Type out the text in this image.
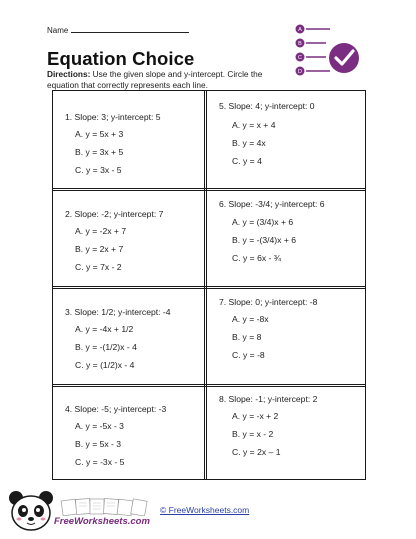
Name
Equation Choice
Directions: Use the given slope and y-intercept. Circle the equation that correctly represents each line.
A
B
C
D
1. Slope: 3; y-intercept: 5
A. y = 5x + 3
B. y = 3x + 5
C. y = 3x - 5
5. Slope: 4; y-intercept: 0
A. y = x + 4
B. y = 4x
C. y = 4
2. Slope: -2; y-intercept: 7
A. y = -2x + 7
B. y = 2x + 7
C. y = 7x - 2
6. Slope: -3/4; y-intercept: 6
A. y = (3/4)x + 6
B. y = -(3/4)x + 6
C. y = 6x - ¾
3. Slope: 1/2; y-intercept: -4
A. y = -4x + 1/2
B. y = -(1/2)x - 4
C. y = (1/2)x - 4
7. Slope: 0; y-intercept: -8
A. y = -8x
B. y = 8
C. y = -8
4. Slope: -5; y-intercept: -3
A. y = -5x - 3
B. y = 5x - 3
C. y = -3x - 5
8. Slope: -1; y-intercept: 2
A. y = -x + 2
B. y = x - 2
C. y = 2x – 1
FreeWorksheets.com
© FreeWorksheets.com
